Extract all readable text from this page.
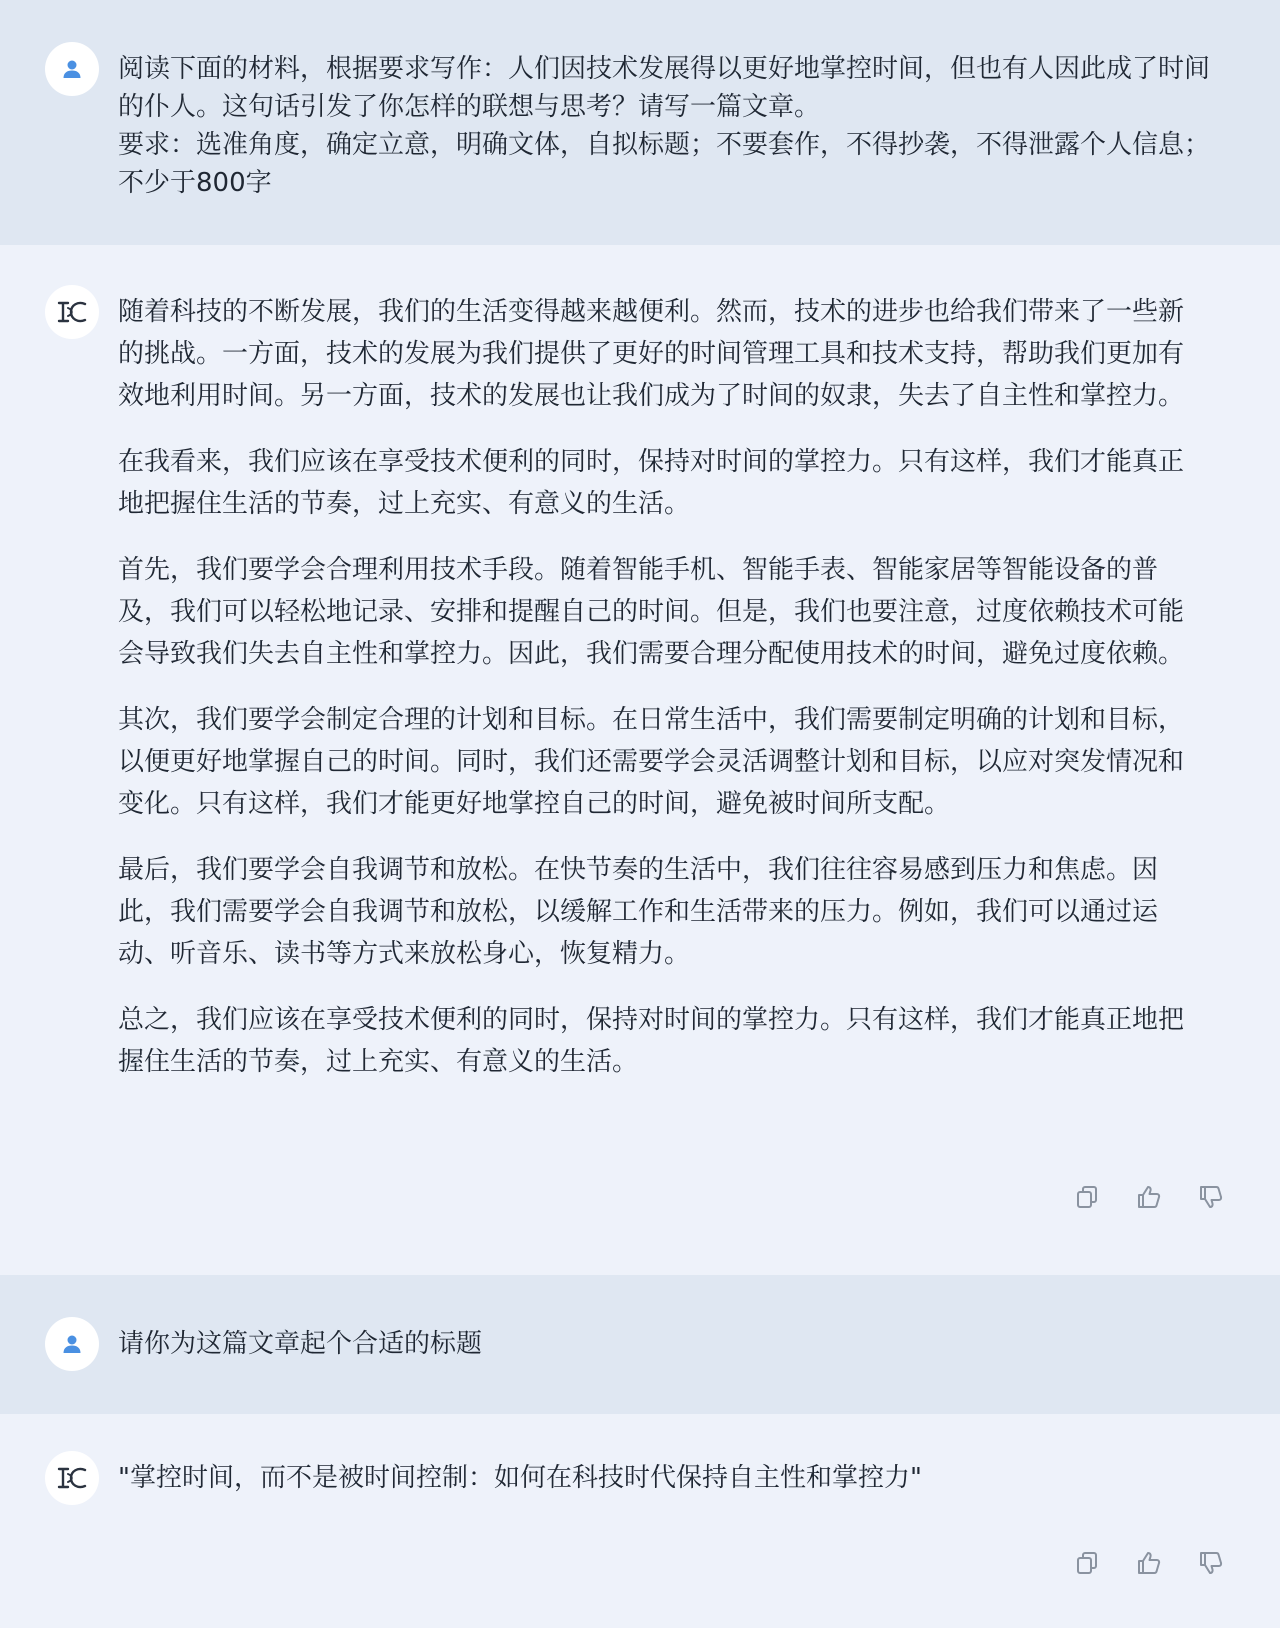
阅读下面的材料，根据要求写作：人们因技术发展得以更好地掌控时间，但也有人因此成了时间的仆人。这句话引发了你怎样的联想与思考？请写一篇文章。

要求：选准角度，确定立意，明确文体，自拟标题；不要套作，不得抄袭，不得泄露个人信息；不少于800字

随着科技的不断发展，我们的生活变得越来越便利。然而，技术的进步也给我们带来了一些新的挑战。一方面，技术的发展为我们提供了更好的时间管理工具和技术支持，帮助我们更加有效地利用时间。另一方面，技术的发展也让我们成为了时间的奴隶，失去了自主性和掌控力。

在我看来，我们应该在享受技术便利的同时，保持对时间的掌控力。只有这样，我们才能真正地把握住生活的节奏，过上充实、有意义的生活。

首先，我们要学会合理利用技术手段。随着智能手机、智能手表、智能家居等智能设备的普及，我们可以轻松地记录、安排和提醒自己的时间。但是，我们也要注意，过度依赖技术可能会导致我们失去自主性和掌控力。因此，我们需要合理分配使用技术的时间，避免过度依赖。

其次，我们要学会制定合理的计划和目标。在日常生活中，我们需要制定明确的计划和目标，以便更好地掌握自己的时间。同时，我们还需要学会灵活调整计划和目标，以应对突发情况和变化。只有这样，我们才能更好地掌控自己的时间，避免被时间所支配。

最后，我们要学会自我调节和放松。在快节奏的生活中，我们往往容易感到压力和焦虑。因此，我们需要学会自我调节和放松，以缓解工作和生活带来的压力。例如，我们可以通过运动、听音乐、读书等方式来放松身心，恢复精力。

总之，我们应该在享受技术便利的同时，保持对时间的掌控力。只有这样，我们才能真正地把握住生活的节奏，过上充实、有意义的生活。

请你为这篇文章起个合适的标题

"掌控时间，而不是被时间控制：如何在科技时代保持自主性和掌控力"
